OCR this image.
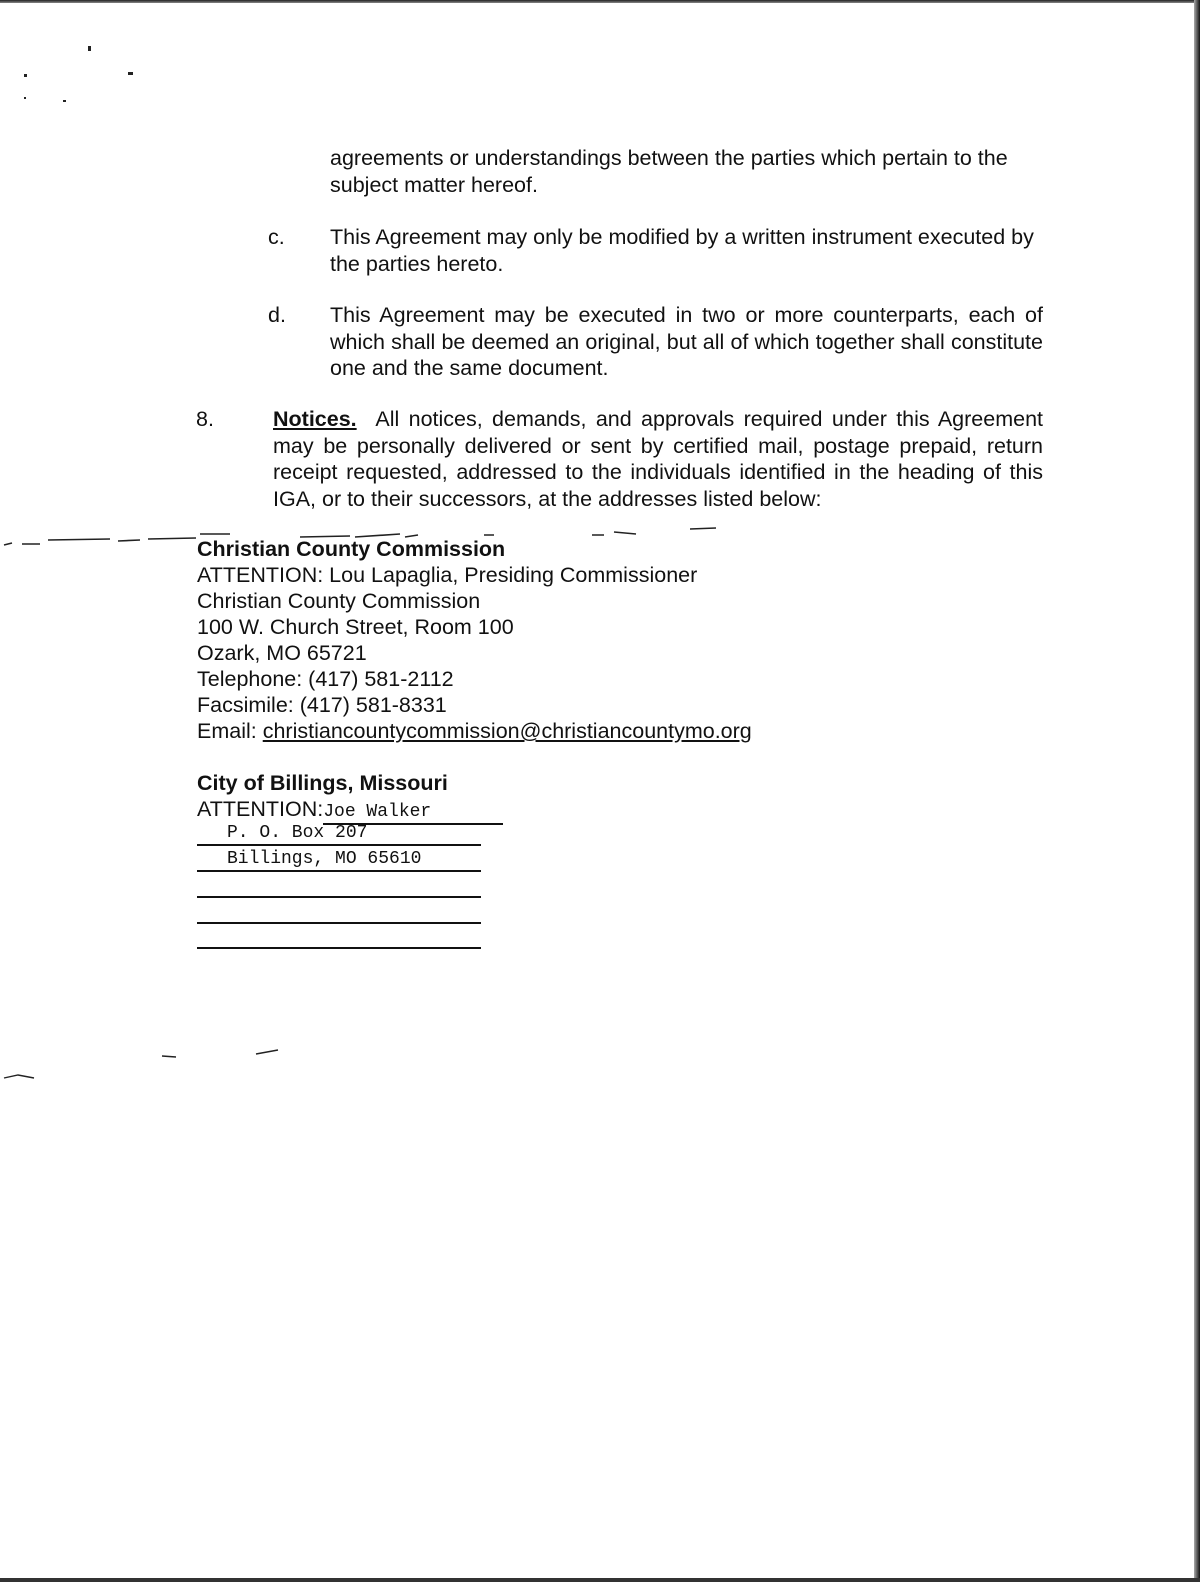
agreements or understandings between the parties which pertain to the subject matter hereof.
c. This Agreement may only be modified by a written instrument executed by the parties hereto.
d. This Agreement may be executed in two or more counterparts, each of which shall be deemed an original, but all of which together shall constitute one and the same document.
8.	Notices. All notices, demands, and approvals required under this Agreement may be personally delivered or sent by certified mail, postage prepaid, return receipt requested, addressed to the individuals identified in the heading of this IGA, or to their successors, at the addresses listed below:
Christian County Commission
ATTENTION: Lou Lapaglia, Presiding Commissioner
Christian County Commission
100 W. Church Street, Room 100
Ozark, MO 65721
Telephone: (417) 581-2112
Facsimile: (417) 581-8331
Email: christiancountycommission@christiancountymo.org
City of Billings, Missouri
ATTENTION:Joe Walker
P. O. Box 207
Billings, MO 65610
